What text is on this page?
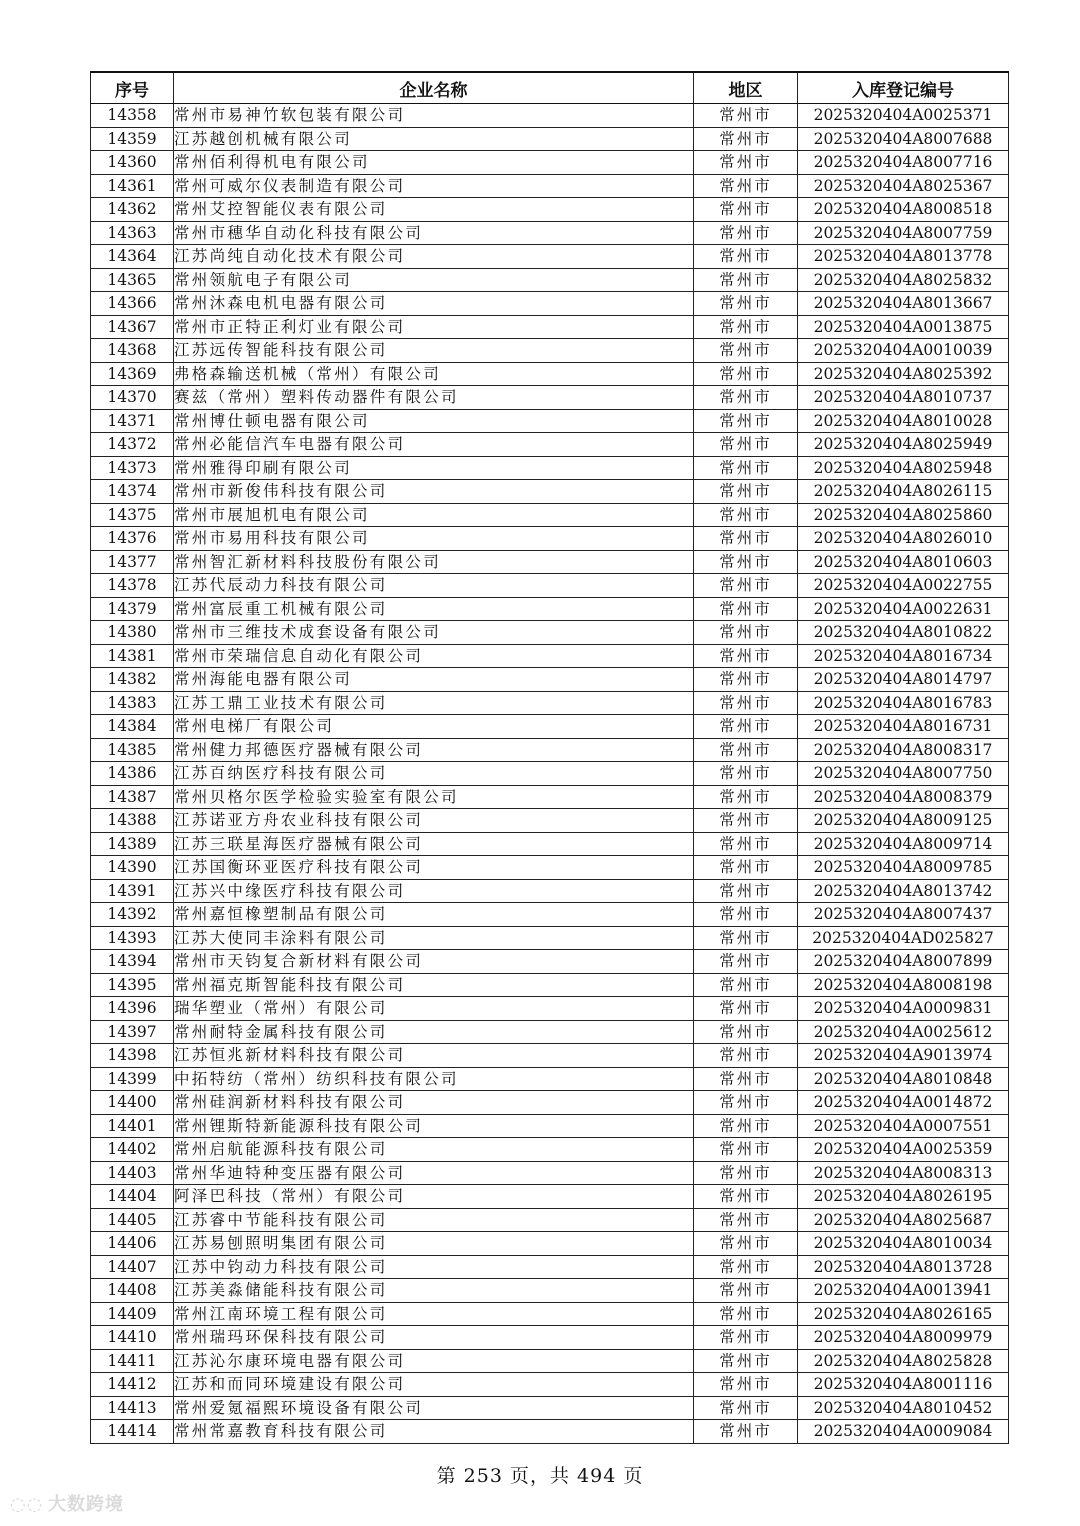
序号	企业名称	地区	入库登记编号
14358	常州市易神竹软包装有限公司	常州市	2025320404A0025371
14359	江苏越创机械有限公司	常州市	2025320404A8007688
14360	常州佰利得机电有限公司	常州市	2025320404A8007716
14361	常州可威尔仪表制造有限公司	常州市	2025320404A8025367
14362	常州艾控智能仪表有限公司	常州市	2025320404A8008518
14363	常州市穗华自动化科技有限公司	常州市	2025320404A8007759
14364	江苏尚纯自动化技术有限公司	常州市	2025320404A8013778
14365	常州领航电子有限公司	常州市	2025320404A8025832
14366	常州沐森电机电器有限公司	常州市	2025320404A8013667
14367	常州市正特正利灯业有限公司	常州市	2025320404A0013875
14368	江苏远传智能科技有限公司	常州市	2025320404A0010039
14369	弗格森输送机械（常州）有限公司	常州市	2025320404A8025392
14370	赛兹（常州）塑料传动器件有限公司	常州市	2025320404A8010737
14371	常州博仕顿电器有限公司	常州市	2025320404A8010028
14372	常州必能信汽车电器有限公司	常州市	2025320404A8025949
14373	常州雅得印刷有限公司	常州市	2025320404A8025948
14374	常州市新俊伟科技有限公司	常州市	2025320404A8026115
14375	常州市展旭机电有限公司	常州市	2025320404A8025860
14376	常州市易用科技有限公司	常州市	2025320404A8026010
14377	常州智汇新材料科技股份有限公司	常州市	2025320404A8010603
14378	江苏代辰动力科技有限公司	常州市	2025320404A0022755
14379	常州富辰重工机械有限公司	常州市	2025320404A0022631
14380	常州市三维技术成套设备有限公司	常州市	2025320404A8010822
14381	常州市荣瑞信息自动化有限公司	常州市	2025320404A8016734
14382	常州海能电器有限公司	常州市	2025320404A8014797
14383	江苏工鼎工业技术有限公司	常州市	2025320404A8016783
14384	常州电梯厂有限公司	常州市	2025320404A8016731
14385	常州健力邦德医疗器械有限公司	常州市	2025320404A8008317
14386	江苏百纳医疗科技有限公司	常州市	2025320404A8007750
14387	常州贝格尔医学检验实验室有限公司	常州市	2025320404A8008379
14388	江苏诺亚方舟农业科技有限公司	常州市	2025320404A8009125
14389	江苏三联星海医疗器械有限公司	常州市	2025320404A8009714
14390	江苏国衡环亚医疗科技有限公司	常州市	2025320404A8009785
14391	江苏兴中缘医疗科技有限公司	常州市	2025320404A8013742
14392	常州嘉恒橡塑制品有限公司	常州市	2025320404A8007437
14393	江苏大使同丰涂料有限公司	常州市	2025320404AD025827
14394	常州市天钧复合新材料有限公司	常州市	2025320404A8007899
14395	常州福克斯智能科技有限公司	常州市	2025320404A8008198
14396	瑞华塑业（常州）有限公司	常州市	2025320404A0009831
14397	常州耐特金属科技有限公司	常州市	2025320404A0025612
14398	江苏恒兆新材料科技有限公司	常州市	2025320404A9013974
14399	中拓特纺（常州）纺织科技有限公司	常州市	2025320404A8010848
14400	常州硅润新材料科技有限公司	常州市	2025320404A0014872
14401	常州锂斯特新能源科技有限公司	常州市	2025320404A0007551
14402	常州启航能源科技有限公司	常州市	2025320404A0025359
14403	常州华迪特种变压器有限公司	常州市	2025320404A8008313
14404	阿泽巴科技（常州）有限公司	常州市	2025320404A8026195
14405	江苏睿中节能科技有限公司	常州市	2025320404A8025687
14406	江苏易刨照明集团有限公司	常州市	2025320404A8010034
14407	江苏中钧动力科技有限公司	常州市	2025320404A8013728
14408	江苏美淼储能科技有限公司	常州市	2025320404A0013941
14409	常州江南环境工程有限公司	常州市	2025320404A8026165
14410	常州瑞玛环保科技有限公司	常州市	2025320404A8009979
14411	江苏沁尔康环境电器有限公司	常州市	2025320404A8025828
14412	江苏和而同环境建设有限公司	常州市	2025320404A8001116
14413	常州爱氪福熙环境设备有限公司	常州市	2025320404A8010452
14414	常州常嘉教育科技有限公司	常州市	2025320404A0009084
第 253 页，共 494 页
◌◌ 大数跨境
